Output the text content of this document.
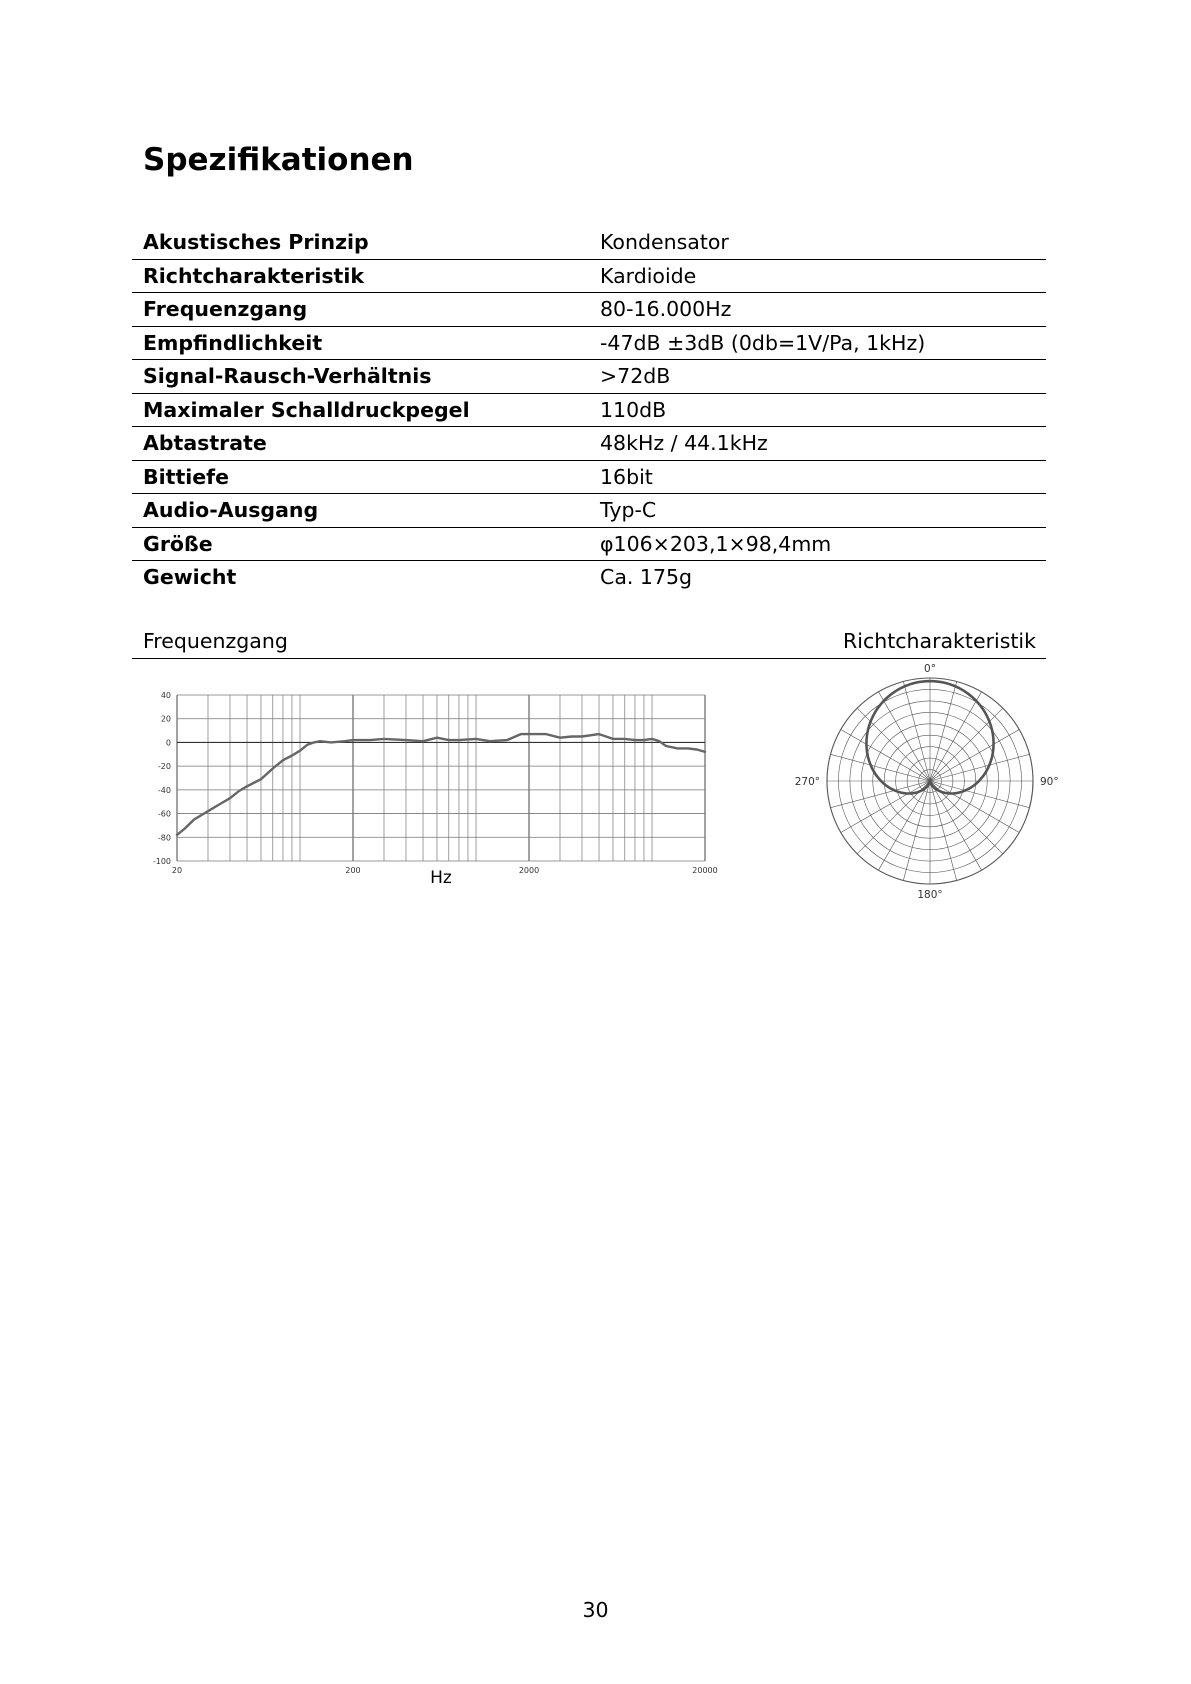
Spezifikationen
Akustisches Prinzip	Kondensator
Richtcharakteristik	Kardioide
Frequenzgang	80-16.000Hz
Empfindlichkeit	-47dB ±3dB (0db=1V/Pa, 1kHz)
Signal-Rausch-Verhältnis	>72dB
Maximaler Schalldruckpegel	110dB
Abtastrate	48kHz / 44.1kHz
Bittiefe	16bit
Audio-Ausgang	Typ-C
Größe	φ106×203,1×98,4mm
Gewicht	Ca. 175g
Frequenzgang	Richtcharakteristik
40
20
0
-20
-40
-60
-80
-100
20	200	2000	20000
Hz
0°
90°
180°
270°
30
